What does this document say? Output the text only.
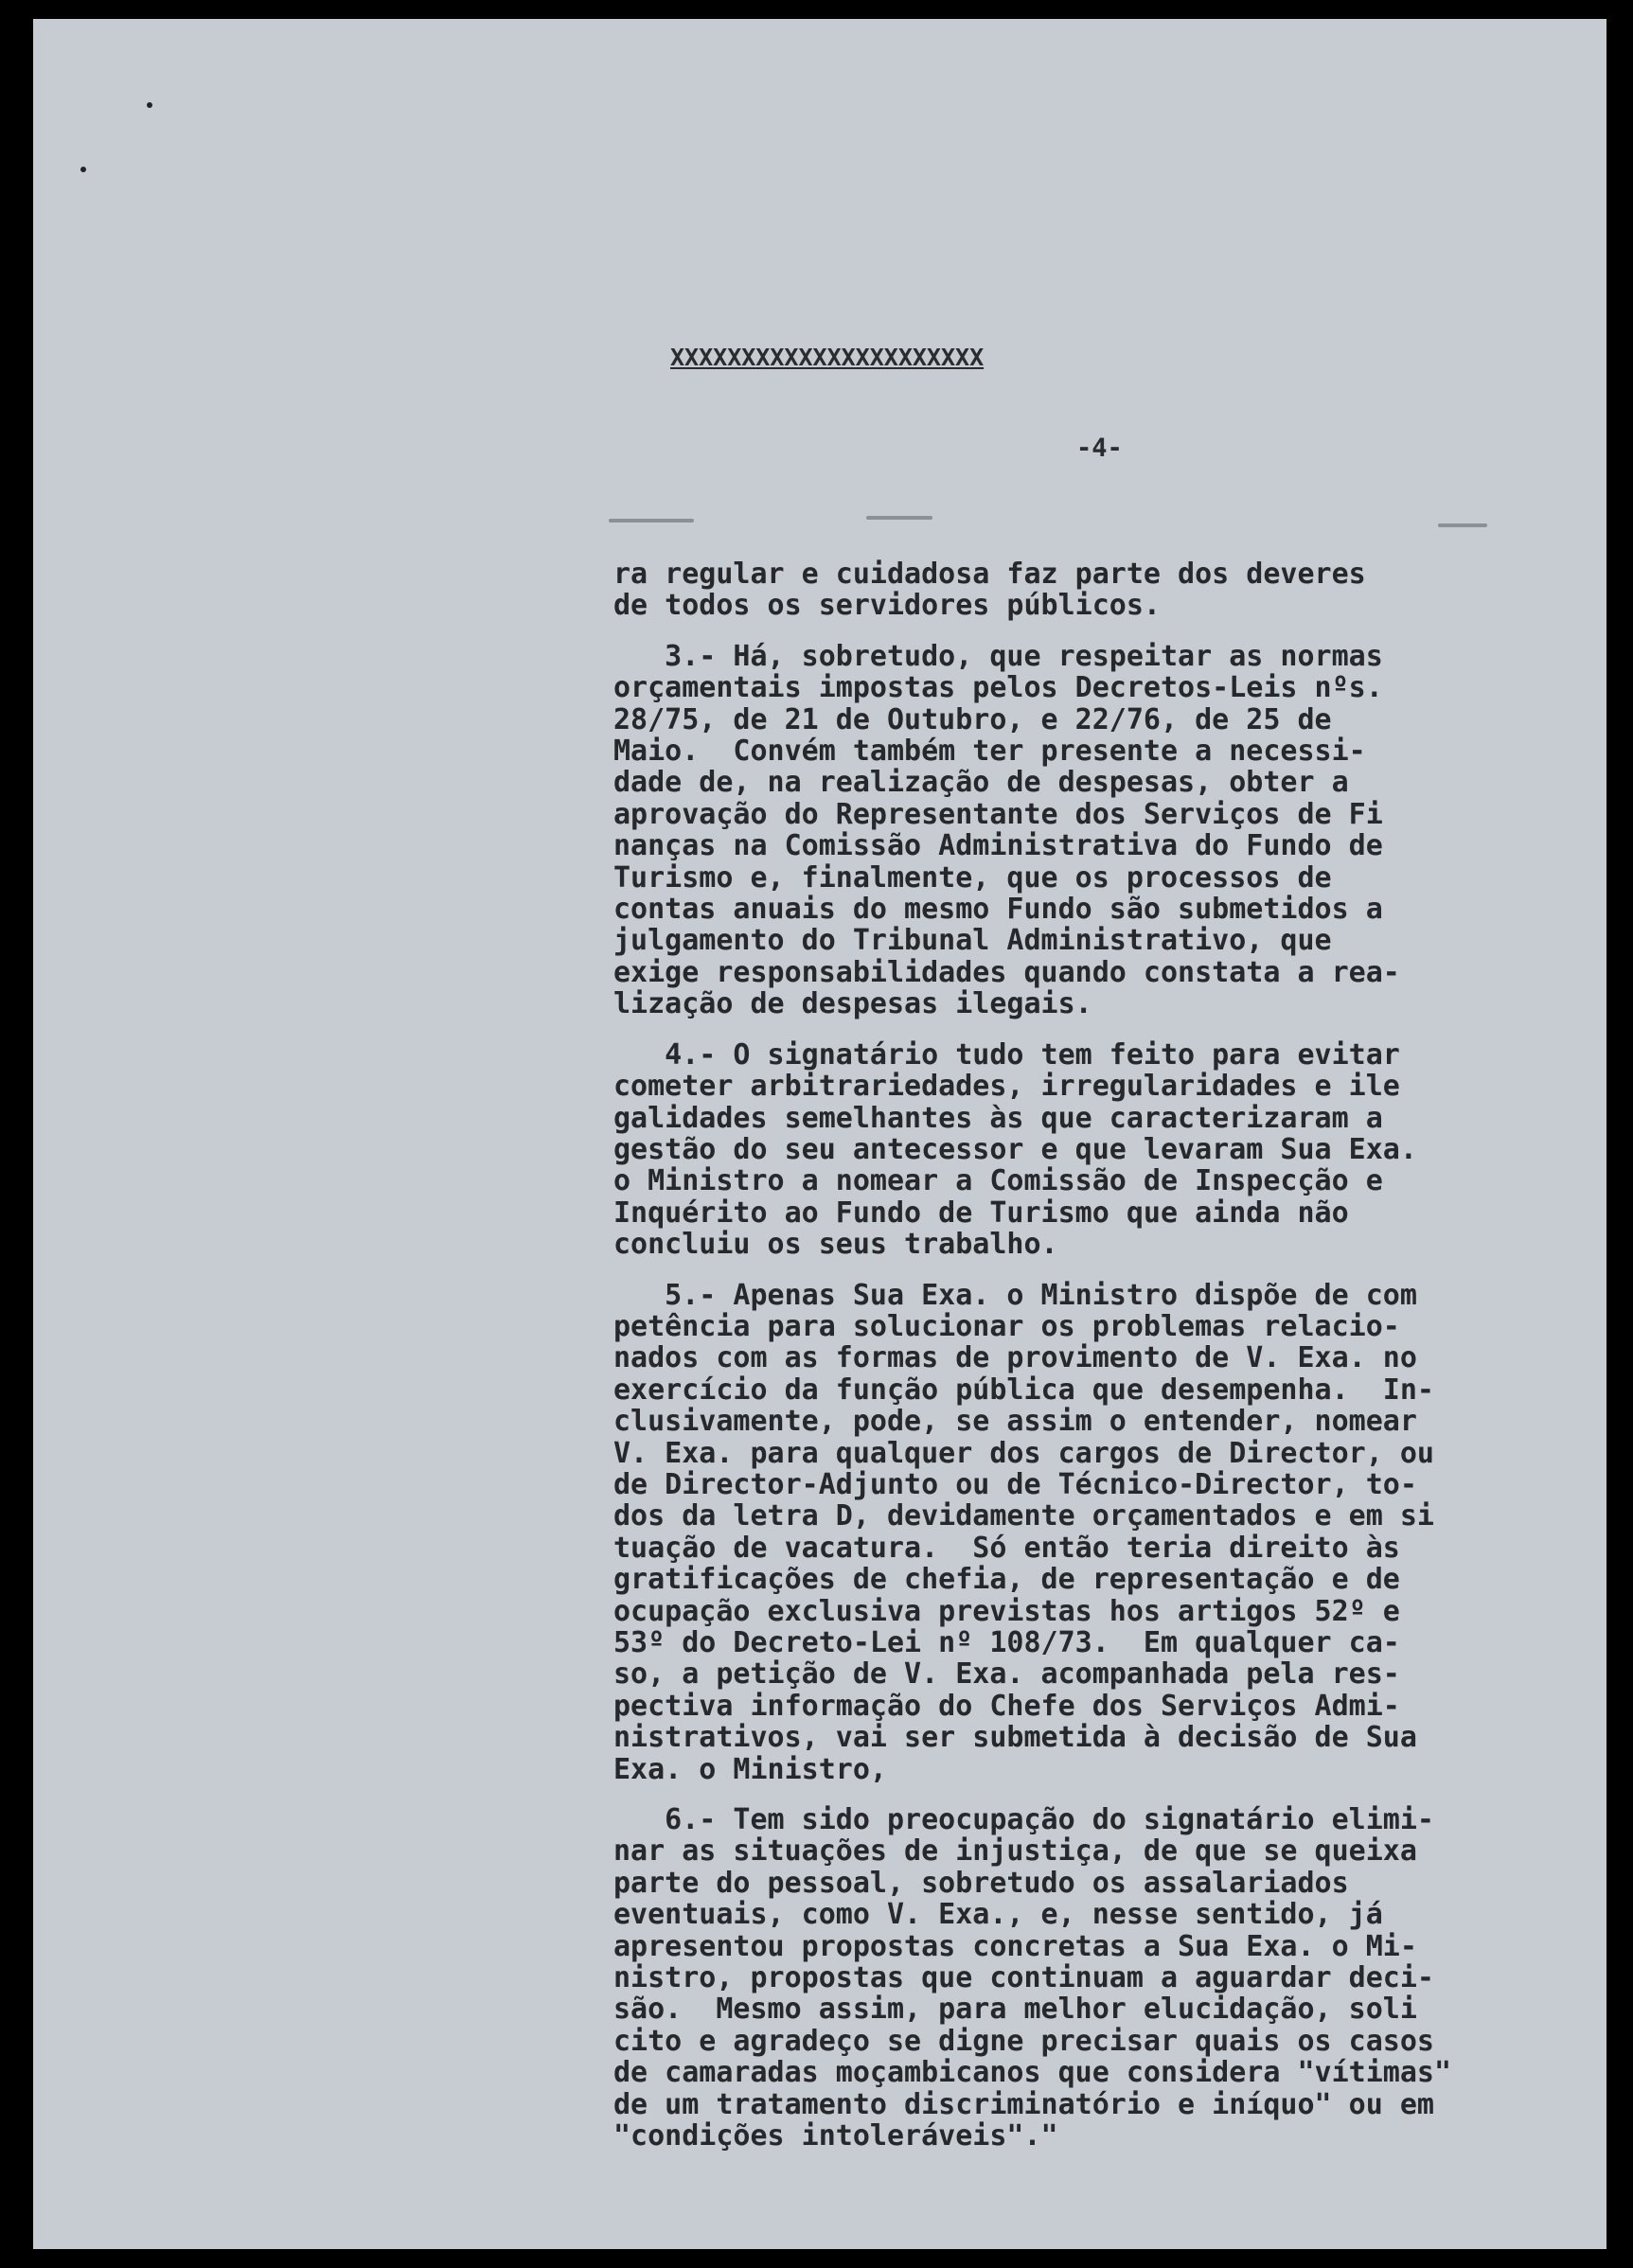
XXXXXXXXXXXXXXXXXXXXXX
-4-

ra regular e cuidadosa faz parte dos deveres
de todos os servidores públicos.

3.- Há, sobretudo, que respeitar as normas
orçamentais impostas pelos Decretos-Leis nºs.
28/75, de 21 de Outubro, e 22/76, de 25 de
Maio.  Convém também ter presente a necessi-
dade de, na realização de despesas, obter a
aprovação do Representante dos Serviços de Fi
nanças na Comissão Administrativa do Fundo de
Turismo e, finalmente, que os processos de
contas anuais do mesmo Fundo são submetidos a
julgamento do Tribunal Administrativo, que
exige responsabilidades quando constata a rea-
lização de despesas ilegais.

4.- O signatário tudo tem feito para evitar
cometer arbitrariedades, irregularidades e ile
galidades semelhantes às que caracterizaram a
gestão do seu antecessor e que levaram Sua Exa.
o Ministro a nomear a Comissão de Inspecção e
Inquérito ao Fundo de Turismo que ainda não
concluiu os seus trabalho.

5.- Apenas Sua Exa. o Ministro dispõe de com
petência para solucionar os problemas relacio-
nados com as formas de provimento de V. Exa. no
exercício da função pública que desempenha.  In-
clusivamente, pode, se assim o entender, nomear
V. Exa. para qualquer dos cargos de Director, ou
de Director-Adjunto ou de Técnico-Director, to-
dos da letra D, devidamente orçamentados e em si
tuação de vacatura.  Só então teria direito às
gratificações de chefia, de representação e de
ocupação exclusiva previstas hos artigos 52º e
53º do Decreto-Lei nº 108/73.  Em qualquer ca-
so, a petição de V. Exa. acompanhada pela res-
pectiva informação do Chefe dos Serviços Admi-
nistrativos, vai ser submetida à decisão de Sua
Exa. o Ministro,

6.- Tem sido preocupação do signatário elimi-
nar as situações de injustiça, de que se queixa
parte do pessoal, sobretudo os assalariados
eventuais, como V. Exa., e, nesse sentido, já
apresentou propostas concretas a Sua Exa. o Mi-
nistro, propostas que continuam a aguardar deci-
são.  Mesmo assim, para melhor elucidação, soli
cito e agradeço se digne precisar quais os casos
de camaradas moçambicanos que considera "vítimas"
de um tratamento discriminatório e iníquo" ou em
"condições intoleráveis"."
